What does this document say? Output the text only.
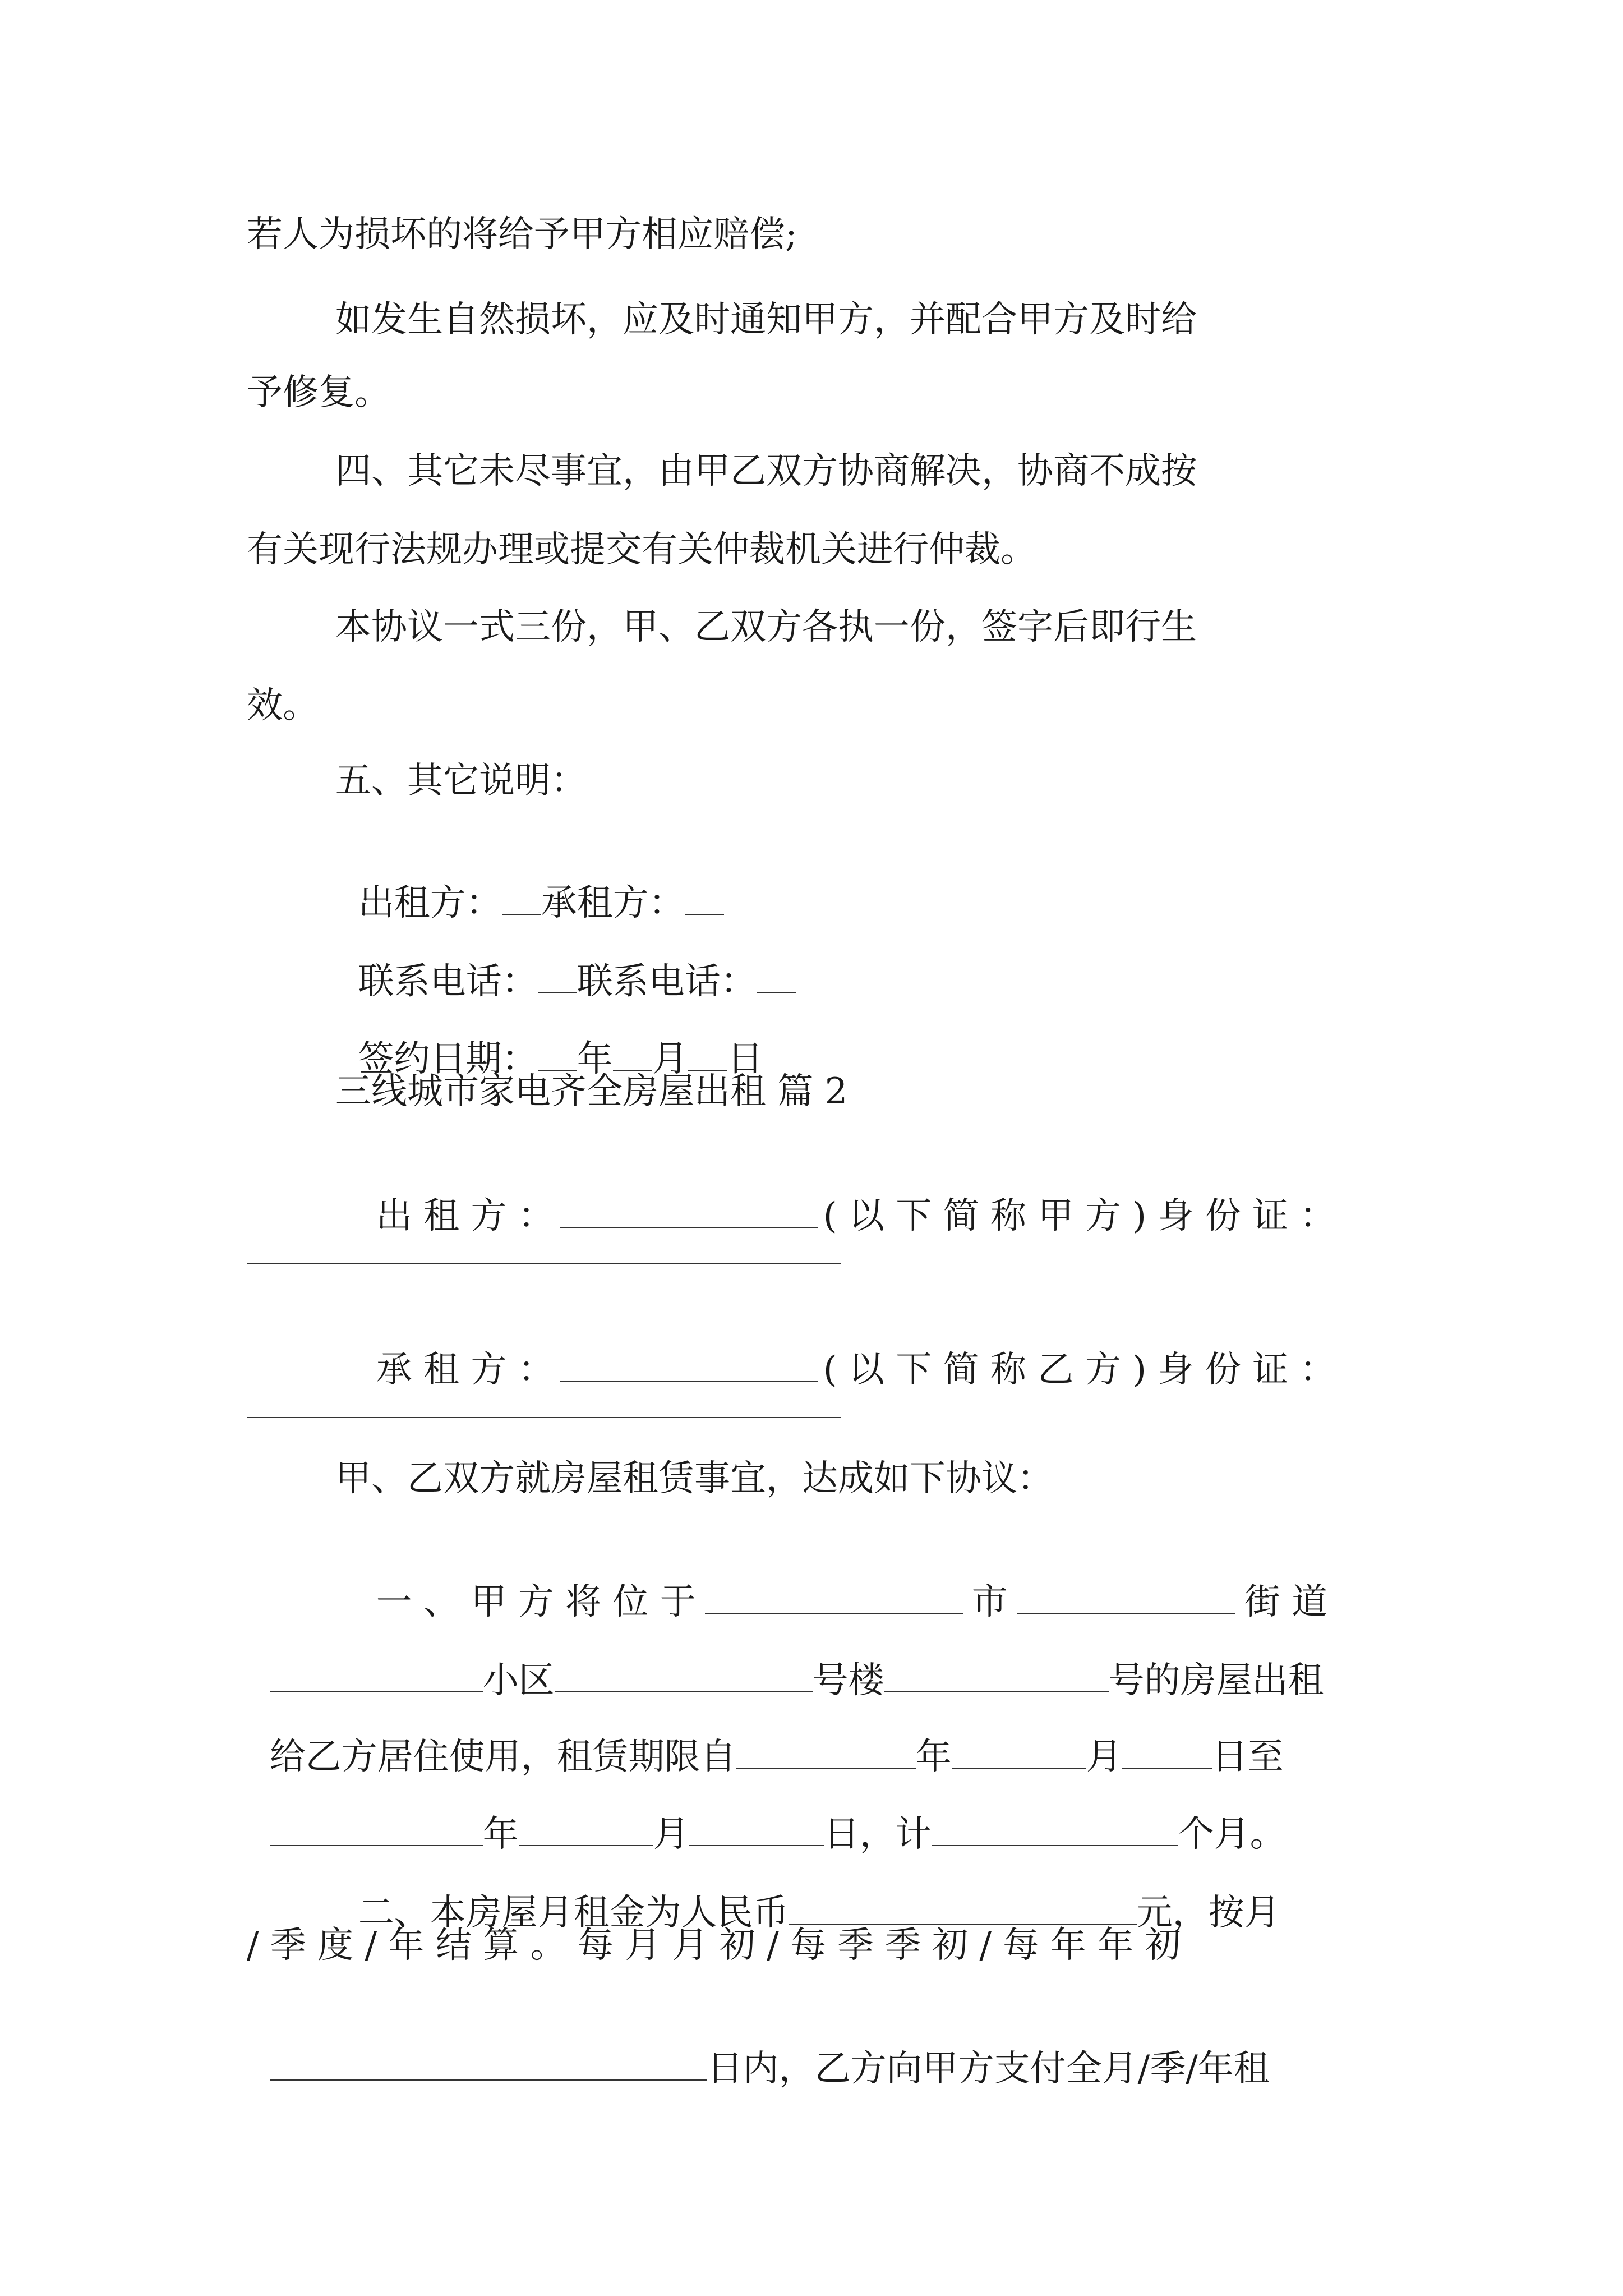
若人为损坏的将给予甲方相应赔偿;
如发生自然损坏，应及时通知甲方，并配合甲方及时给
予修复。
四、其它未尽事宜，由甲乙双方协商解决，协商不成按
有关现行法规办理或提交有关仲裁机关进行仲裁。
本协议一式三份，甲、乙双方各执一份，签字后即行生
效。
五、其它说明：

出租方： 承租方：

联系电话： 联系电话：

签约日期： 年 月 日

三线城市家电齐全房屋出租 篇 2

出 租 方 ：	( 以 下 简 称 甲 方 ) 身 份 证 ：

承 租 方 ：	( 以 下 简 称 乙 方 ) 身 份 证 ：

甲、乙双方就房屋租赁事宜，达成如下协议：

一 、 甲 方 将 位 于	市	街 道

小区	号楼	号的房屋出租

给乙方居住使用，租赁期限自	年	月	日至

年	月	日，计	个月。

二、本房屋月租金为人民币	元，按月

/ 季 度 / 年 结 算 。 每 月 月 初 / 每 季 季 初 / 每 年 年 初

日内，乙方向甲方支付全月/季/年租
